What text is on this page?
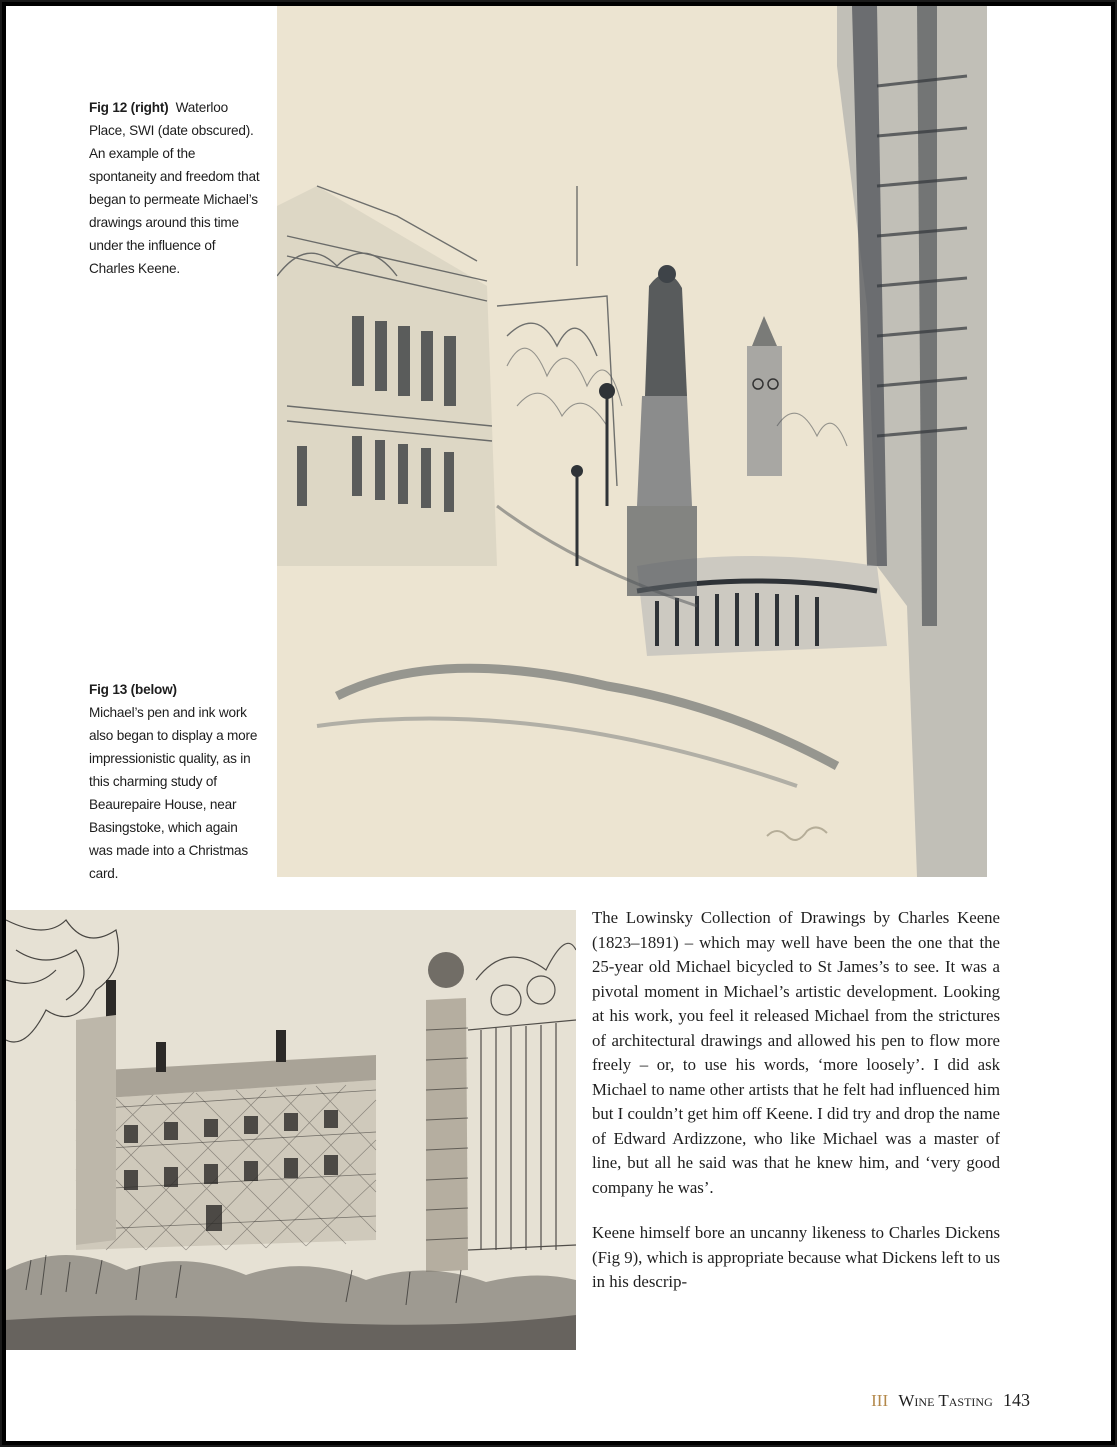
Fig 12 (right) Waterloo Place, SWI (date obscured). An example of the spontaneity and freedom that began to permeate Michael’s drawings around this time under the influence of Charles Keene.
Fig 13 (below)
Michael’s pen and ink work also began to display a more impressionistic quality, as in this charming study of Beaurepaire House, near Basingstoke, which again was made into a Christmas card.
The Lowinsky Collection of Drawings by Charles Keene (1823–1891) – which may well have been the one that the 25-year old Michael bicycled to St James’s to see. It was a pivotal moment in Michael’s artistic development. Looking at his work, you feel it released Michael from the strictures of architectural drawings and allowed his pen to flow more freely – or, to use his words, ‘more loosely’. I did ask Michael to name other artists that he felt had influenced him but I couldn’t get him off Keene. I did try and drop the name of Edward Ardizzone, who like Michael was a master of line, but all he said was that he knew him, and ‘very good company he was’.
Keene himself bore an uncanny likeness to Charles Dickens (Fig 9), which is appropriate because what Dickens left to us in his descrip-
III Wine Tasting 143
